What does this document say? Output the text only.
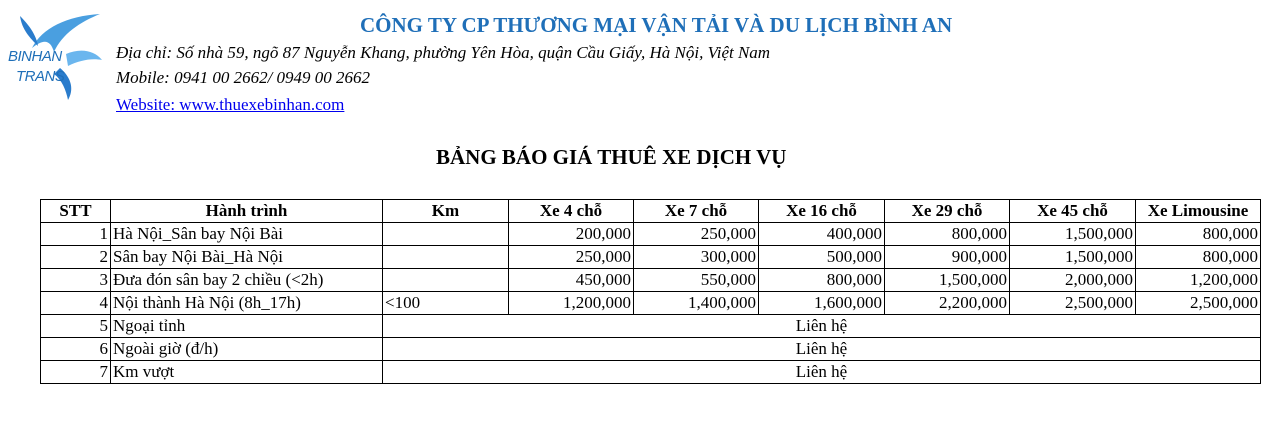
BINHAN
TRANS
CÔNG TY CP THƯƠNG MẠI VẬN TẢI VÀ DU LỊCH BÌNH AN
Địa chỉ: Số nhà 59, ngõ 87 Nguyễn Khang, phường Yên Hòa, quận Cầu Giấy, Hà Nội, Việt Nam
Mobile: 0941 00 2662/ 0949 00 2662
Website: www.thuexebinhan.com
BẢNG BÁO GIÁ THUÊ XE DỊCH VỤ
STT	Hành trình	Km	Xe 4 chỗ	Xe 7 chỗ	Xe 16 chỗ	Xe 29 chỗ	Xe 45 chỗ	Xe Limousine
1	Hà Nội_Sân bay Nội Bài		200,000	250,000	400,000	800,000	1,500,000	800,000
2	Sân bay Nội Bài_Hà Nội		250,000	300,000	500,000	900,000	1,500,000	800,000
3	Đưa đón sân bay 2 chiều (<2h)		450,000	550,000	800,000	1,500,000	2,000,000	1,200,000
4	Nội thành Hà Nội (8h_17h)	<100	1,200,000	1,400,000	1,600,000	2,200,000	2,500,000	2,500,000
5	Ngoại tỉnh	Liên hệ						
6	Ngoài giờ (đ/h)	Liên hệ						
7	Km vượt	Liên hệ						
